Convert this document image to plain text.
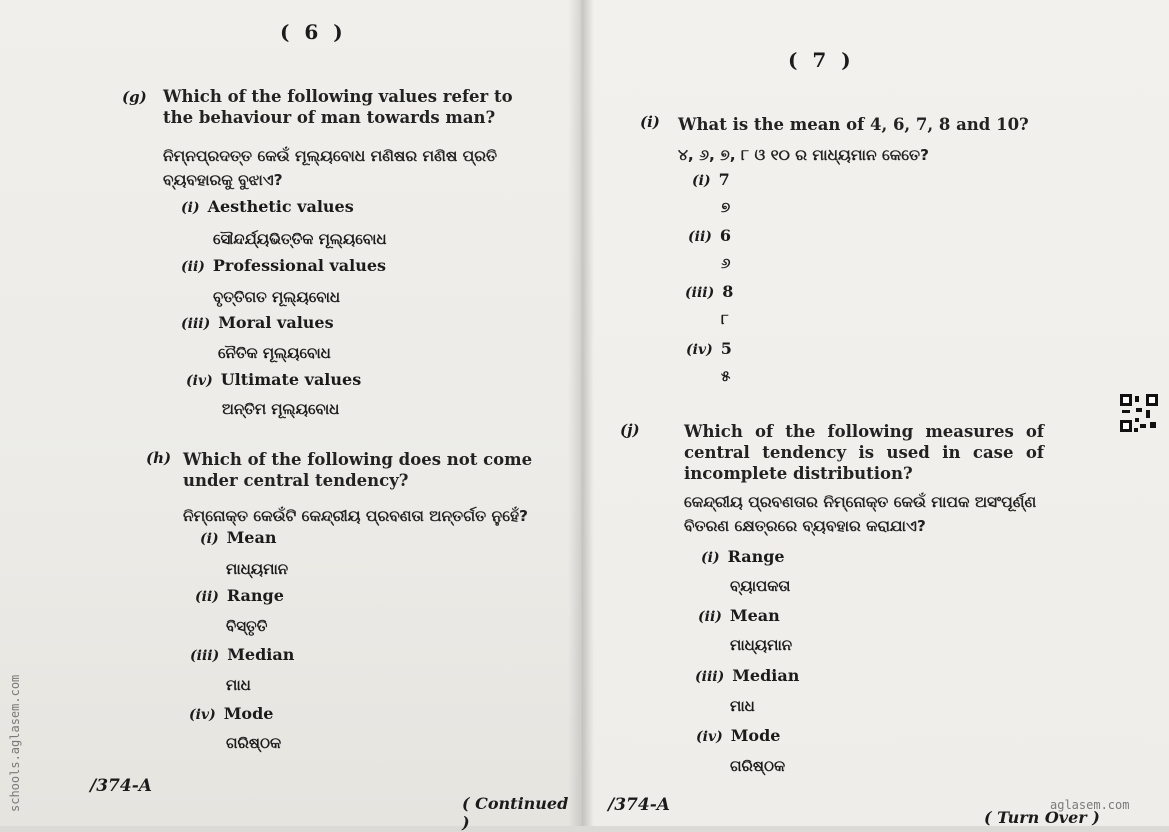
( 6 )
(g) Which of the following values refer to the behaviour of man towards man?
ନିମ୍ନପ୍ରଦତ୍ତ କେଉଁ ମୂଲ୍ୟବୋଧ ମଣିଷର ମଣିଷ ପ୍ରତି ବ୍ୟବହାରକୁ ବୁଝାଏ?
(i) Aesthetic values
ସୌନ୍ଦର୍ଯ୍ୟଭିତ୍ତିକ ମୂଲ୍ୟବୋଧ
(ii) Professional values
ବୃତ୍ତିଗତ ମୂଲ୍ୟବୋଧ
(iii) Moral values
ନୈତିକ ମୂଲ୍ୟବୋଧ
(iv) Ultimate values
ଅନ୍ତିମ ମୂଲ୍ୟବୋଧ
(h) Which of the following does not come under central tendency?
ନିମ୍ନୋକ୍ତ କେଉଁଟି କେନ୍ଦ୍ରୀୟ ପ୍ରବଣତା ଅନ୍ତର୍ଗତ ନୁହେଁ?
(i) Mean
ମାଧ୍ୟମାନ
(ii) Range
ବିସ୍ତୃତି
(iii) Median
ମାଧ
(iv) Mode
ଗରିଷ୍ଠକ
/374-A
( Continued )
( 7 )
(i) What is the mean of 4, 6, 7, 8 and 10?
୪, ୬, ୭, ୮ ଓ ୧୦ ର ମାଧ୍ୟମାନ କେତେ?
(i) 7
୭
(ii) 6
୬
(iii) 8
୮
(iv) 5
୫
(j)	Which of the following measures of central tendency is used in case of incomplete distribution?
କେନ୍ଦ୍ରୀୟ ପ୍ରବଣତାର ନିମ୍ନୋକ୍ତ କେଉଁ ମାପକ ଅସଂପୂର୍ଣ୍ଣ ବିତରଣ କ୍ଷେତ୍ରରେ ବ୍ୟବହାର କରାଯାଏ?
(i) Range
ବ୍ୟାପକତା
(ii) Mean
ମାଧ୍ୟମାନ
(iii) Median
ମାଧ
(iv) Mode
ଗରିଷ୍ଠକ
/374-A
( Turn Over )
schools.aglasem.com	aglasem.com
